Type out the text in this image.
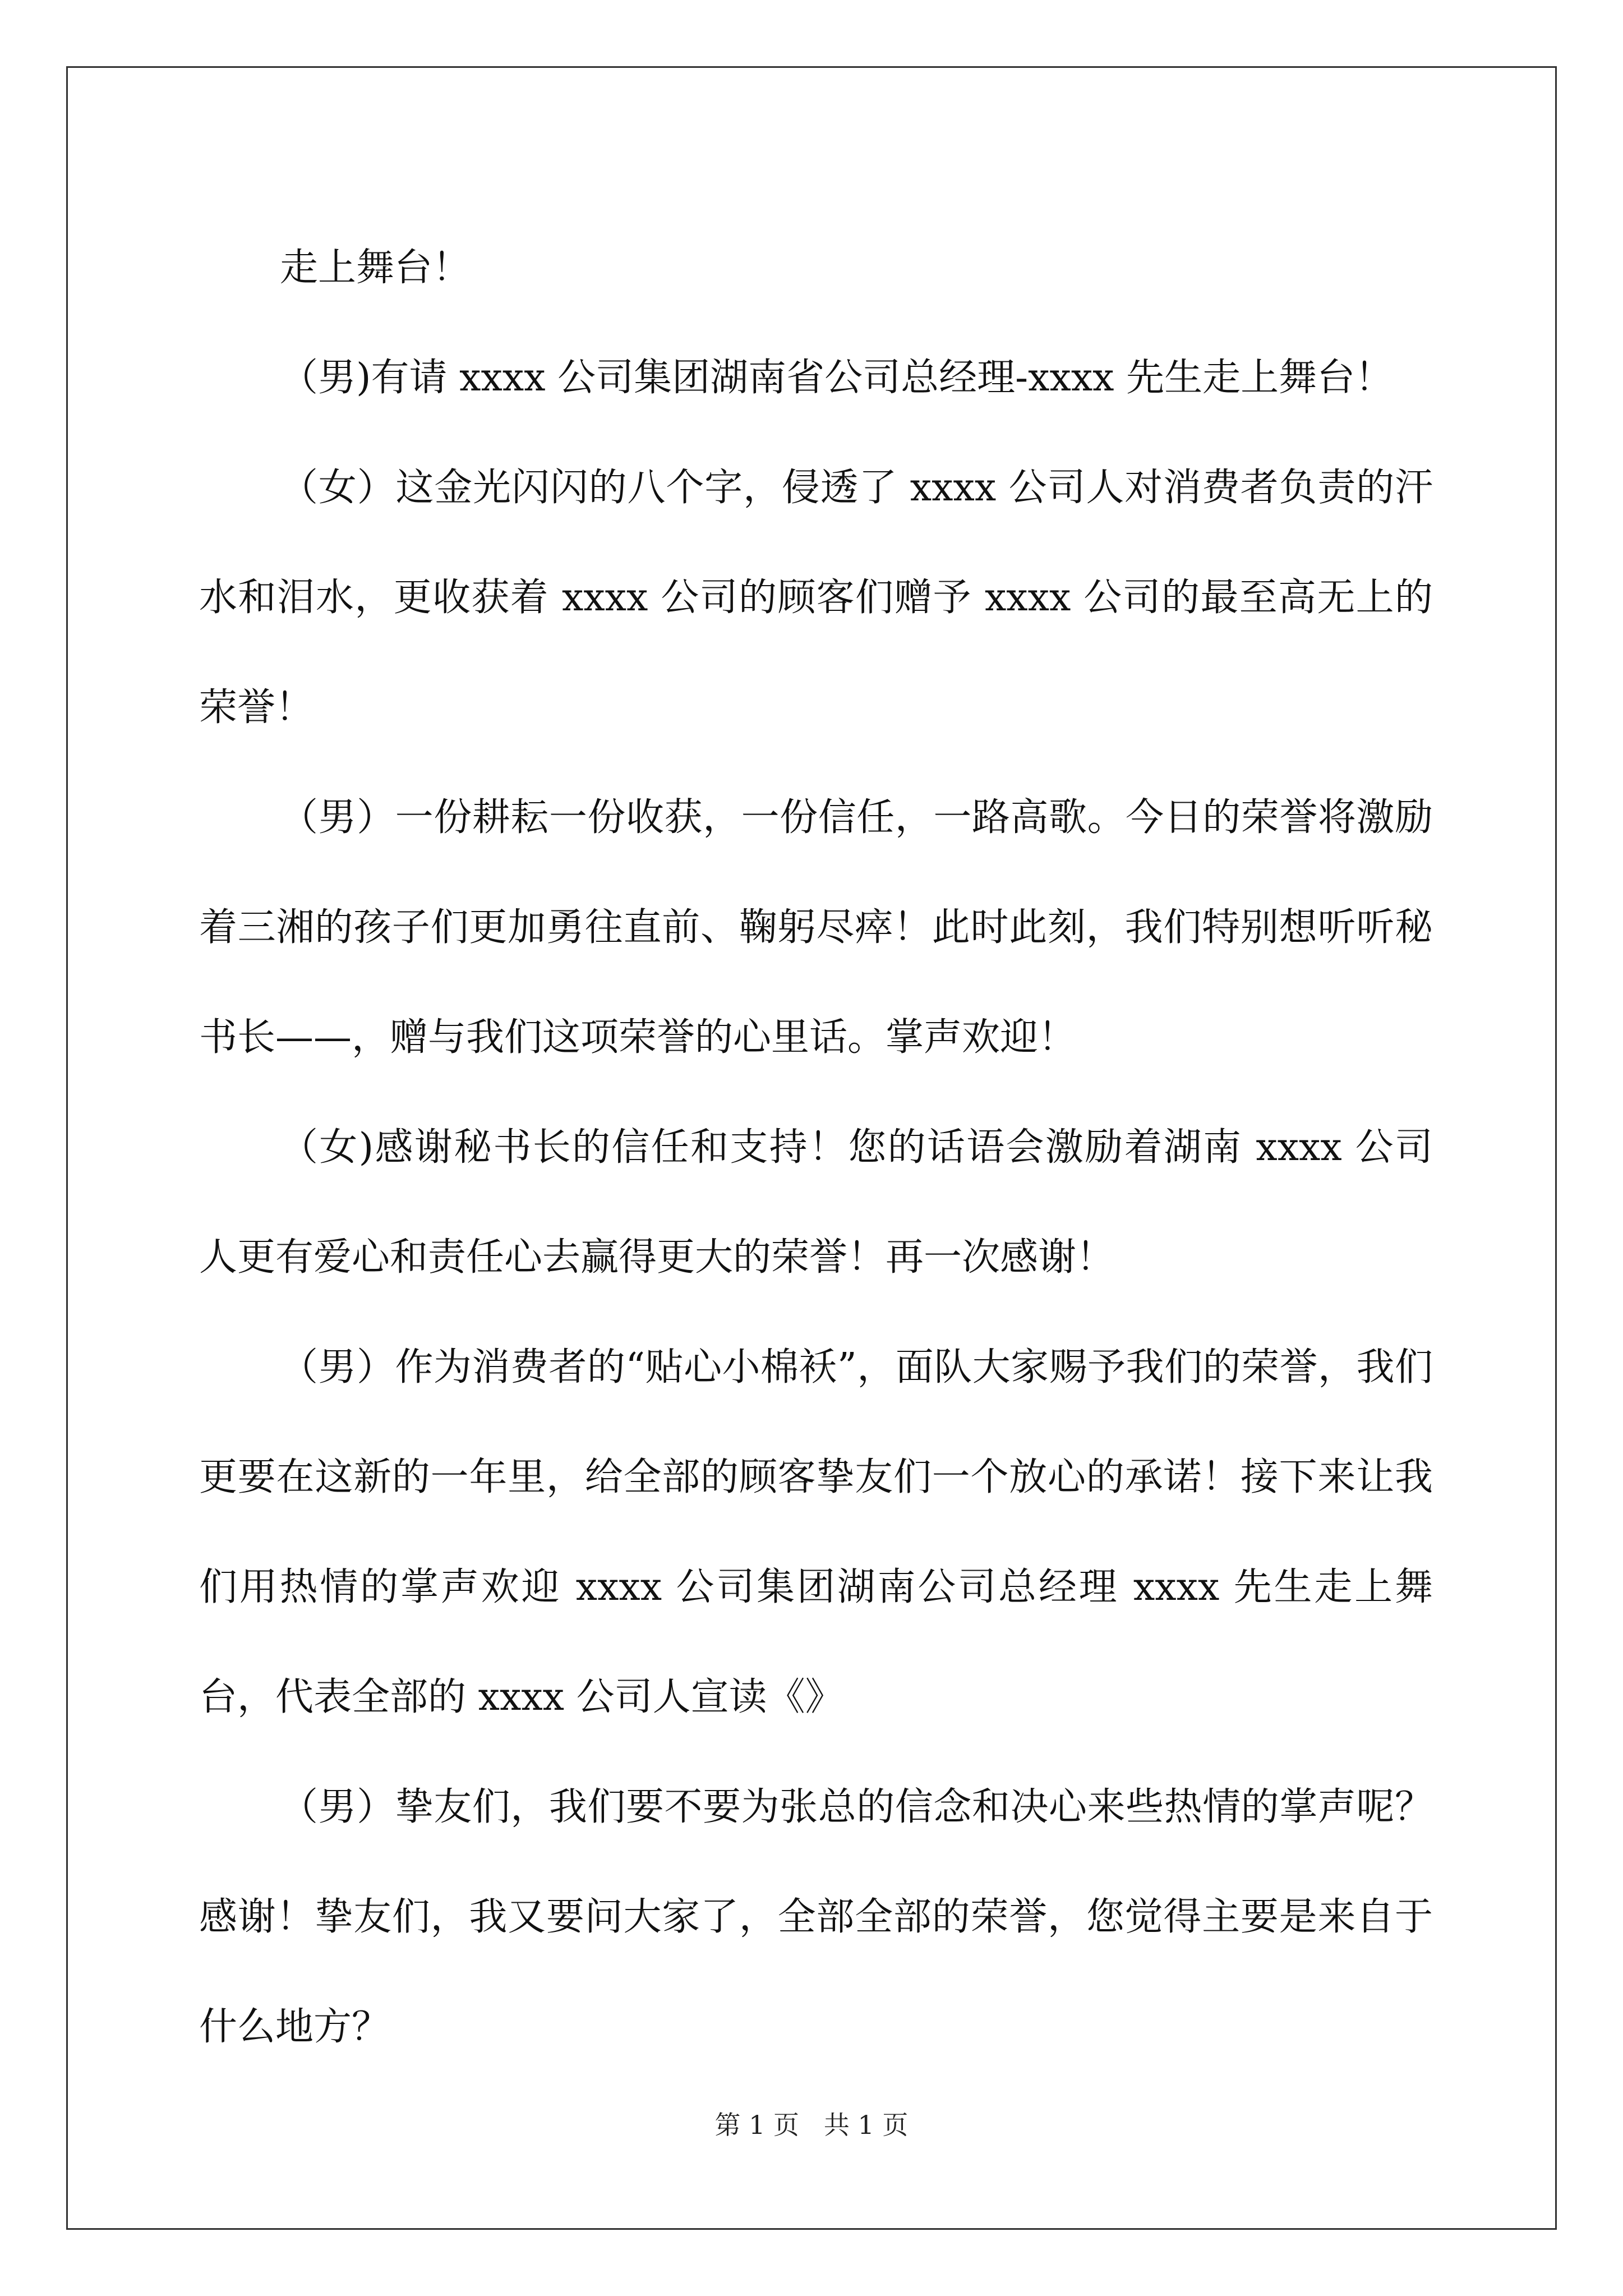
走上舞台！

（男)有请 xxxx 公司集团湖南省公司总经理-xxxx 先生走上舞台！

（女）这金光闪闪的八个字，侵透了 xxxx 公司人对消费者负责的汗水和泪水，更收获着 xxxx 公司的顾客们赠予 xxxx 公司的最至高无上的荣誉！

（男）一份耕耘一份收获，一份信任，一路高歌。今日的荣誉将激励着三湘的孩子们更加勇往直前、鞠躬尽瘁！此时此刻，我们特别想听听秘书长——，赠与我们这项荣誉的心里话。掌声欢迎！

（女)感谢秘书长的信任和支持！您的话语会激励着湖南 xxxx 公司人更有爱心和责任心去赢得更大的荣誉！再一次感谢！

（男）作为消费者的“贴心小棉袄”，面队大家赐予我们的荣誉，我们更要在这新的一年里，给全部的顾客挚友们一个放心的承诺！接下来让我们用热情的掌声欢迎 xxxx 公司集团湖南公司总经理 xxxx 先生走上舞台，代表全部的 xxxx 公司人宣读《》

（男）挚友们，我们要不要为张总的信念和决心来些热情的掌声呢？感谢！挚友们，我又要问大家了，全部全部的荣誉，您觉得主要是来自于什么地方？

第 1 页   共 1 页
